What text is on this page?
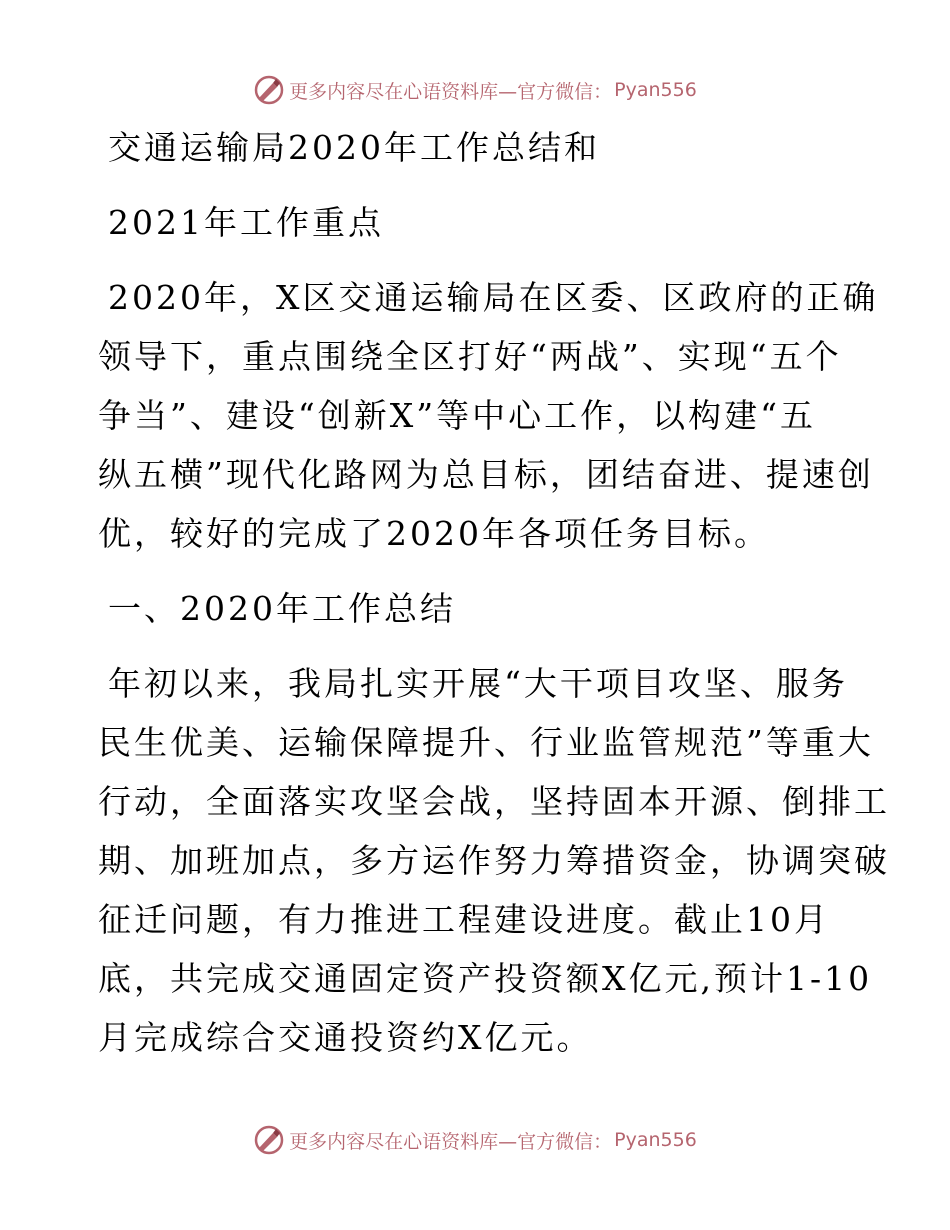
更多内容尽在心语资料库—官方微信： Pyan556
交通运输局2020年工作总结和
2021年工作重点
2020年，X区交通运输局在区委、区政府的正确
领导下，重点围绕全区打好“两战”、实现“五个
争当”、建设“创新X”等中心工作，以构建“五
纵五横”现代化路网为总目标，团结奋进、提速创
优，较好的完成了2020年各项任务目标。
一、2020年工作总结
年初以来，我局扎实开展“大干项目攻坚、服务
民生优美、运输保障提升、行业监管规范”等重大
行动，全面落实攻坚会战，坚持固本开源、倒排工
期、加班加点，多方运作努力筹措资金，协调突破
征迁问题，有力推进工程建设进度。截止10月
底，共完成交通固定资产投资额X亿元,预计1-10
月完成综合交通投资约X亿元。
更多内容尽在心语资料库—官方微信： Pyan556
